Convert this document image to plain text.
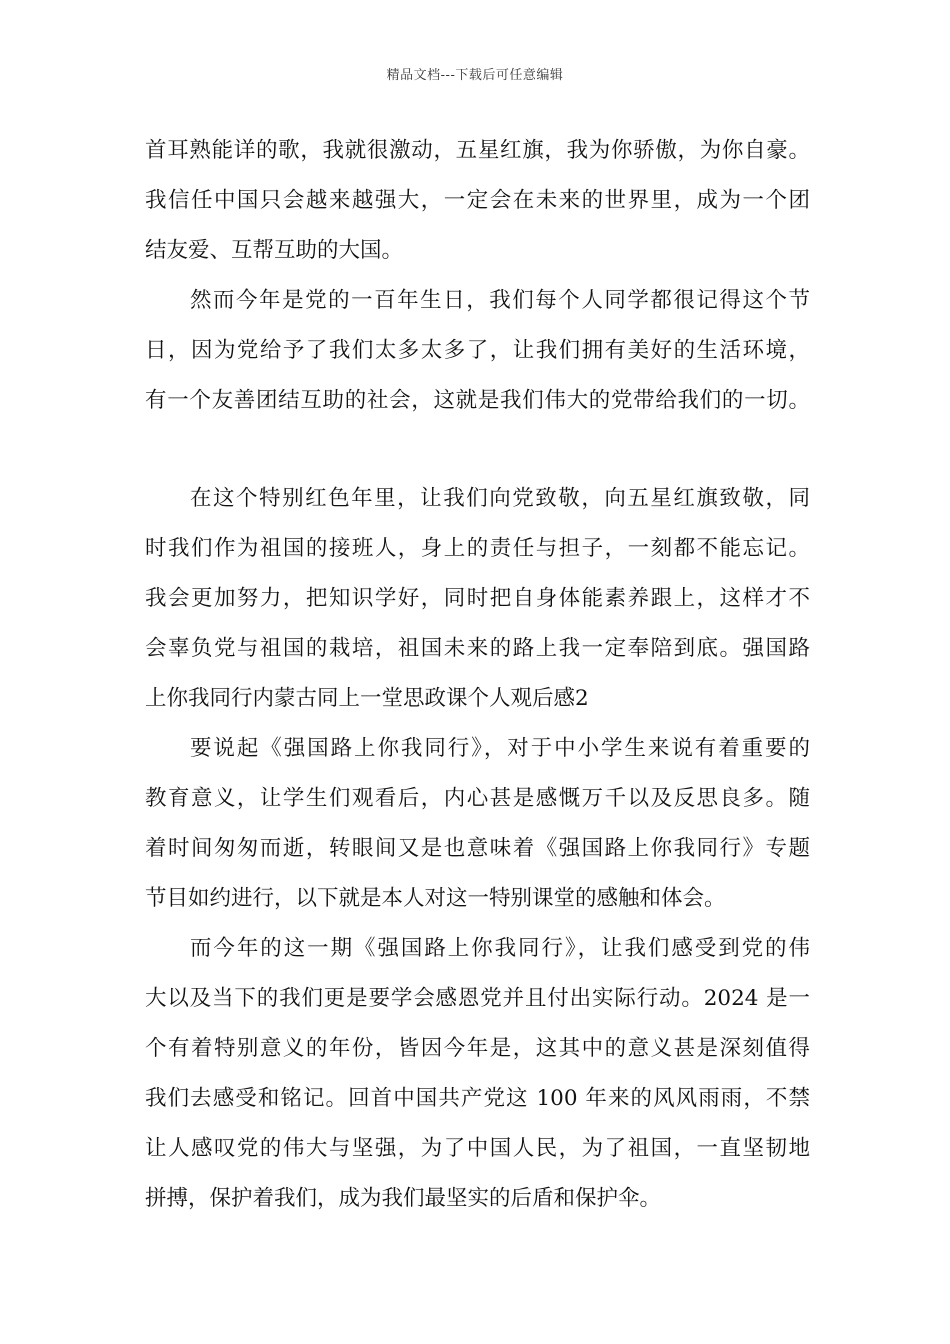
精品文档---下载后可任意编辑
首耳熟能详的歌，我就很激动，五星红旗，我为你骄傲，为你自豪。
我信任中国只会越来越强大，一定会在未来的世界里，成为一个团
结友爱、互帮互助的大国。
然而今年是党的一百年生日，我们每个人同学都很记得这个节
日，因为党给予了我们太多太多了，让我们拥有美好的生活环境，
有一个友善团结互助的社会，这就是我们伟大的党带给我们的一切。
在这个特别红色年里，让我们向党致敬，向五星红旗致敬，同
时我们作为祖国的接班人，身上的责任与担子，一刻都不能忘记。
我会更加努力，把知识学好，同时把自身体能素养跟上，这样才不
会辜负党与祖国的栽培，祖国未来的路上我一定奉陪到底。强国路
上你我同行内蒙古同上一堂思政课个人观后感2
要说起《强国路上你我同行》，对于中小学生来说有着重要的
教育意义，让学生们观看后，内心甚是感慨万千以及反思良多。随
着时间匆匆而逝，转眼间又是也意味着《强国路上你我同行》专题
节目如约进行，以下就是本人对这一特别课堂的感触和体会。
而今年的这一期《强国路上你我同行》，让我们感受到党的伟
大以及当下的我们更是要学会感恩党并且付出实际行动。2024 是一
个有着特别意义的年份，皆因今年是，这其中的意义甚是深刻值得
我们去感受和铭记。回首中国共产党这 100 年来的风风雨雨，不禁
让人感叹党的伟大与坚强，为了中国人民，为了祖国，一直坚韧地
拼搏，保护着我们，成为我们最坚实的后盾和保护伞。
